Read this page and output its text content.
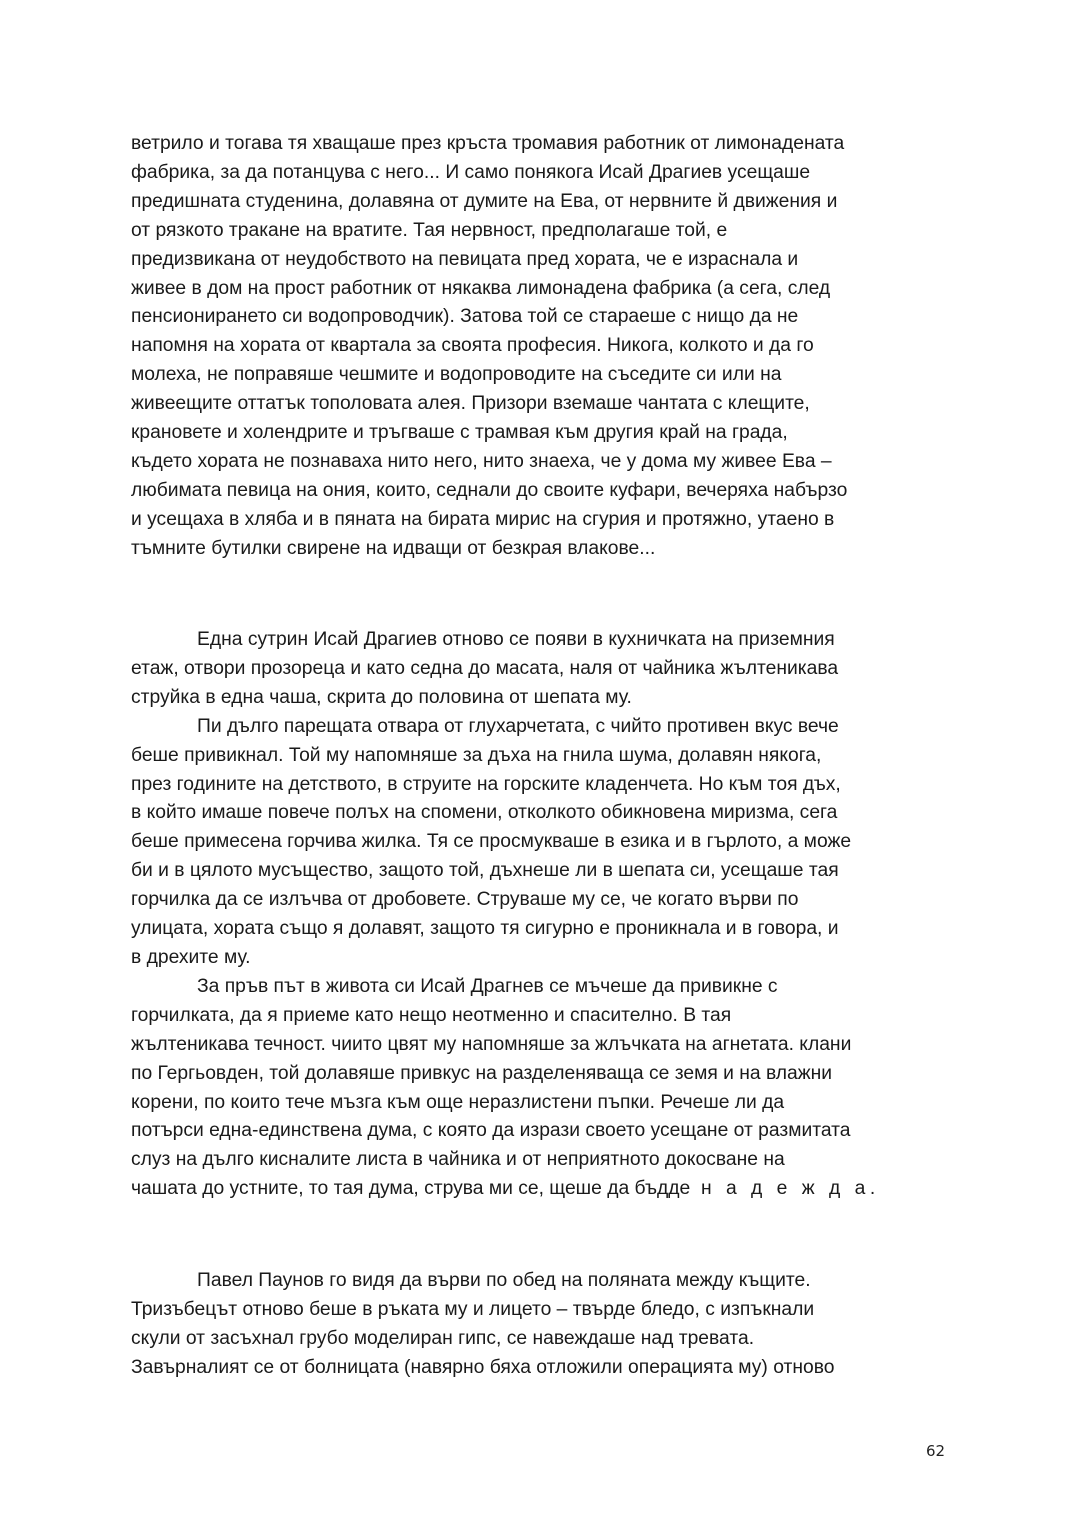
ветрило и тогава тя хващаше през кръста тромавия работник от лимонадената
фабрика, за да потанцува с него... И само понякога Исай Драгиев усещаше
предишната студенина, долавяна от думите на Ева, от нервните й движения и
от рязкото тракане на вратите. Тая нервност, предполагаше той, е
предизвикана от неудобството на певицата пред хората, че е израснала и
живее в дом на прост работник от някаква лимонадена фабрика (а сега, след
пенсионирането си водопроводчик). Затова той се стараеше с нищо да не
напомня на хората от квартала за своята професия. Никога, колкото и да го
молеха, не поправяше чешмите и водопроводите на съседите си или на
живеещите оттатък тополовата алея. Призори вземаше чантата с клещите,
крановете и холендрите и тръгваше с трамвая към другия край на града,
където хората не познаваха нито него, нито знаеха, че у дома му живее Ева –
любимата певица на ония, които, седнали до своите куфари, вечеряха набързо
и усещаха в хляба и в пяната на бирата мирис на сгурия и протяжно, утаено в
тъмните бутилки свирене на идващи от безкрая влакове...
Една сутрин Исай Драгиев отново се появи в кухничката на приземния
етаж, отвори прозореца и като седна до масата, наля от чайника жълтеникава
струйка в една чаша, скрита до половина от шепата му.
Пи дълго парещата отвара от глухарчетата, с чийто противен вкус вече
беше привикнал. Той му напомняше за дъха на гнила шума, долавян някога,
през годините на детството, в струите на горските кладенчета. Но към тоя дъх,
в който имаше повече полъх на спомени, отколкото обикновена миризма, сега
беше примесена горчива жилка. Тя се просмукваше в езика и в гърлото, а може
би и в цялото мусъщество, защото той, дъхнеше ли в шепата си, усещаше тая
горчилка да се излъчва от дробовете. Струваше му се, че когато върви по
улицата, хората също я долавят, защото тя сигурно е проникнала и в говора, и
в дрехите му.
За пръв път в живота си Исай Драгнев се мъчеше да привикне с
горчилката, да я приеме като нещо неотменно и спасително. В тая
жълтеникава течност. чиито цвят му напомняше за жлъчката на агнетата. клани
по Гергьовден, той долавяше привкус на разделеняваща се земя и на влажни
корени, по които тече мъзга към още неразлистени пъпки. Речеше ли да
потърси една-единствена дума, с която да изрази своето усещане от размитата
слуз на дълго кисналите листа в чайника и от неприятното докосване на
чашата до устните, то тая дума, струва ми се, щеше да бъдде н а д е ж д а.
Павел Паунов го видя да върви по обед на поляната между къщите.
Тризъбецът отново беше в ръката му и лицето – твърде бледо, с изпъкнали
скули от засъхнал грубо моделиран гипс, се навеждаше над тревата.
Завърналият се от болницата (навярно бяха отложили операцията му) отново
62
